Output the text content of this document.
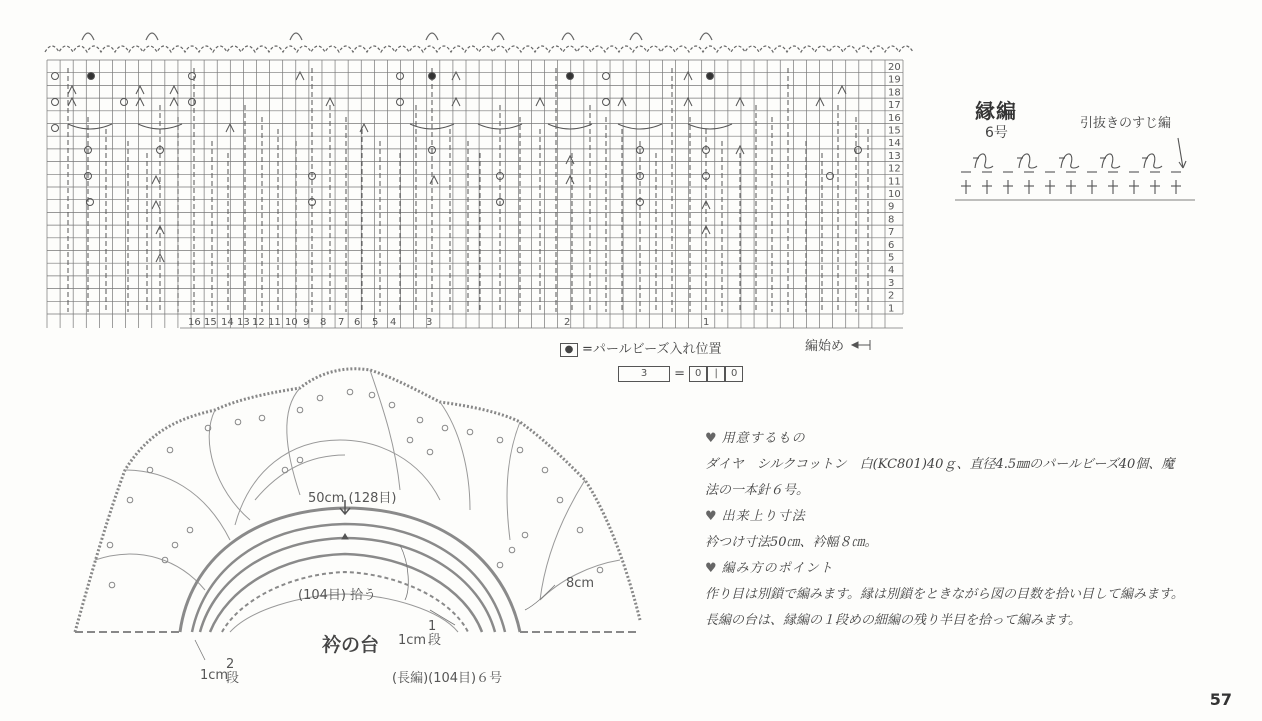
20
19
18
17
16
15
14
13
12
11
10
9
8
7
6
5
4
3
2
1
16 15 14 13 12 11 10 9 8 7 6 5 4	3	2	1
縁編
6号
引抜きのすじ編
● =パールビーズ入れ位置	編始め
3 = 0 | 0
50cm (128目)
(104目) 拾う
8cm
衿の台 1cm
1段
1cm
2段	(長編)(104目)６号
♥ 用意するもの
ダイヤ　シルクコットン　白(KC801)40ｇ、直径4.5㎜のパールビーズ40個、魔法の一本針６号。
♥ 出来上り寸法
衿つけ寸法50㎝、衿幅８㎝。
♥ 編み方のポイント
作り目は別鎖で編みます。縁は別鎖をときながら図の目数を拾い目して編みます。長編の台は、縁編の１段めの細編の残り半目を拾って編みます。
57
